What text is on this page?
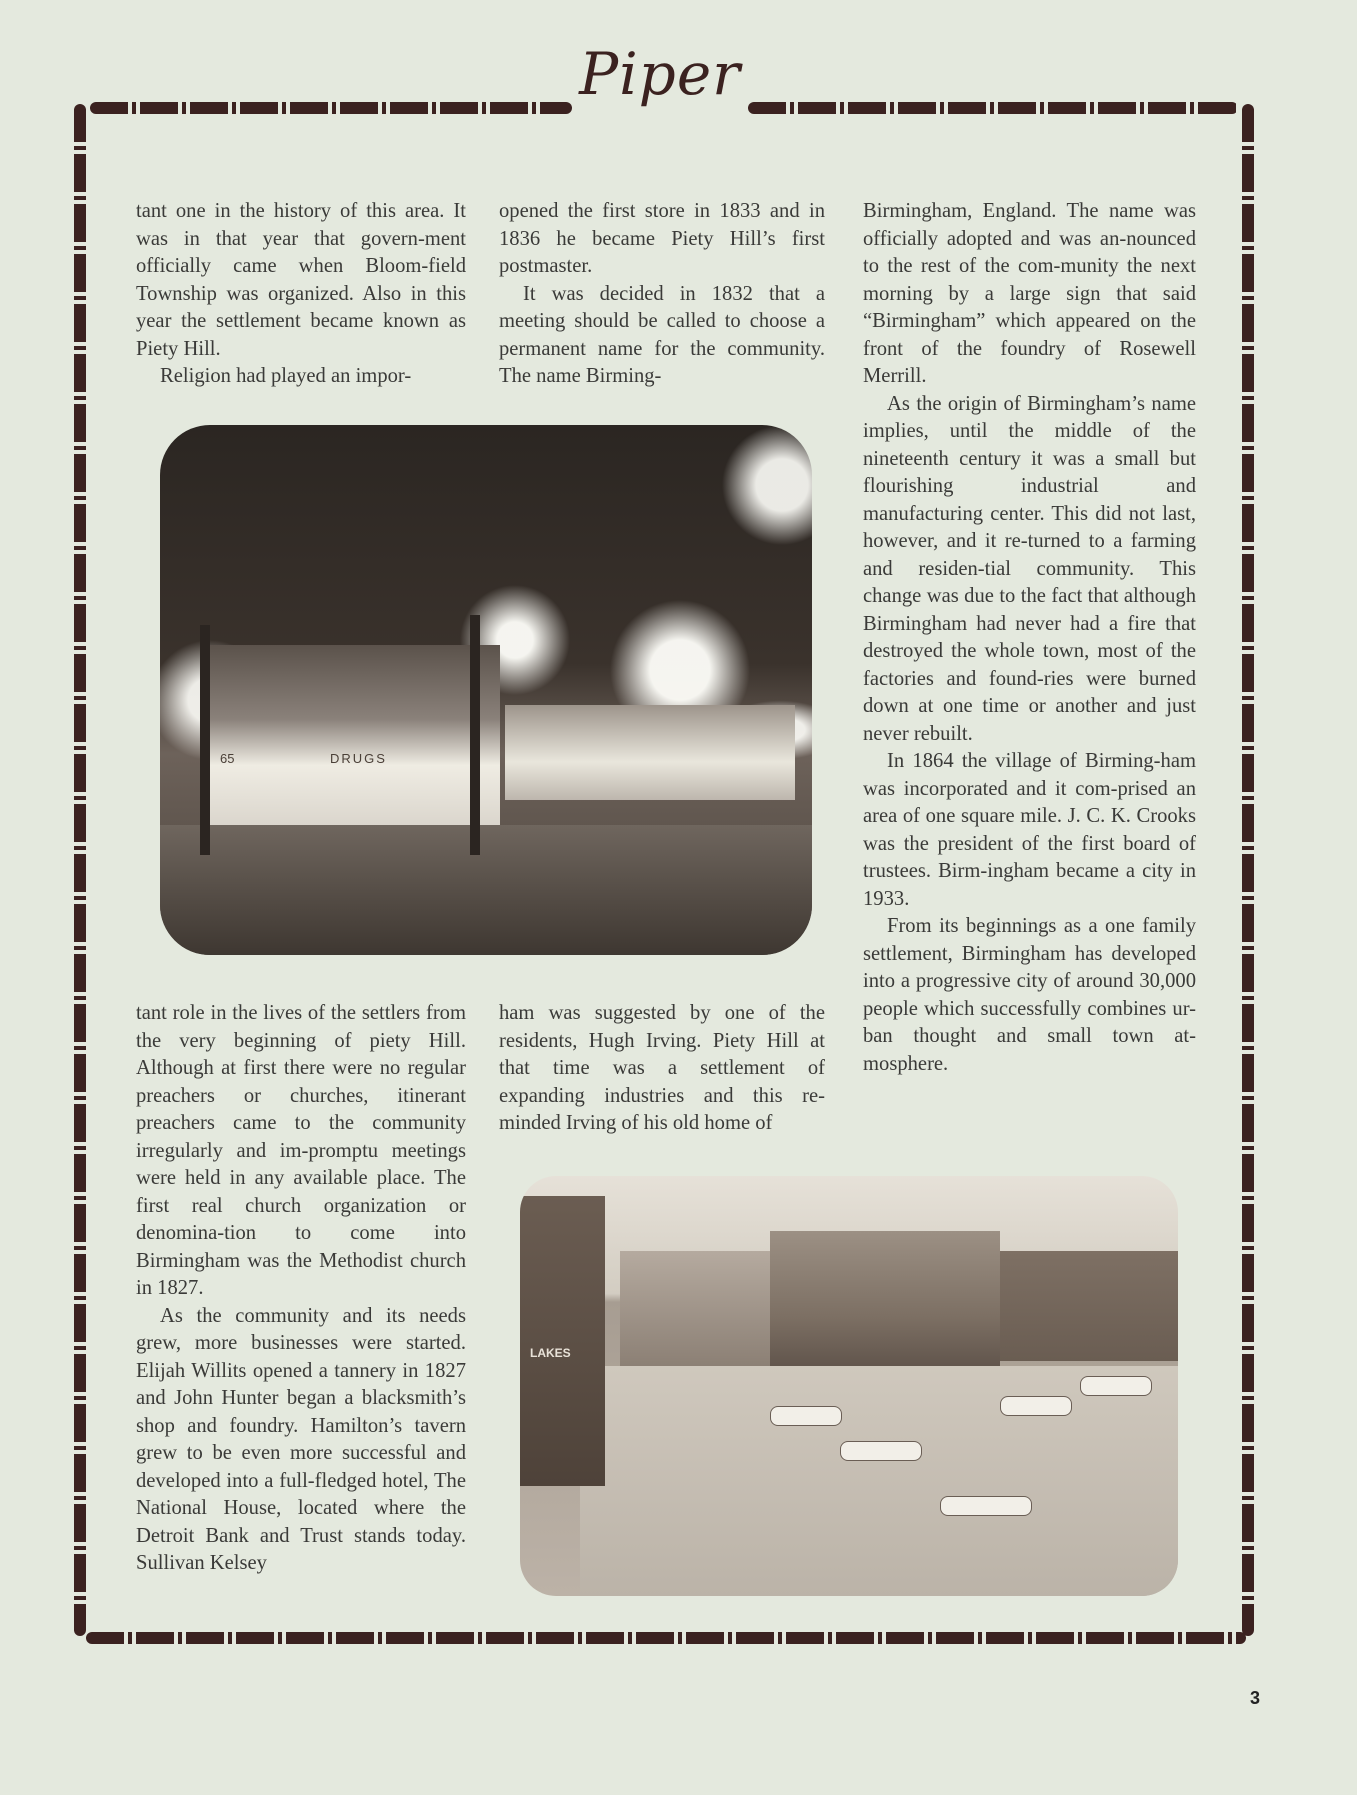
Piper

tant one in the history of this area. It was in that year that govern-ment officially came when Bloom-field Township was organized. Also in this year the settlement became known as Piety Hill.

Religion had played an impor-

opened the first store in 1833 and in 1836 he became Piety Hill’s first postmaster.

It was decided in 1832 that a meeting should be called to choose a permanent name for the community. The name Birming-

Birmingham, England. The name was officially adopted and was an-nounced to the rest of the com-munity the next morning by a large sign that said “Birmingham” which appeared on the front of the foundry of Rosewell Merrill.

As the origin of Birmingham’s name implies, until the middle of the nineteenth century it was a small but flourishing industrial and manufacturing center. This did not last, however, and it re-turned to a farming and residen-tial community. This change was due to the fact that although Birmingham had never had a fire that destroyed the whole town, most of the factories and found-ries were burned down at one time or another and just never rebuilt.

In 1864 the village of Birming-ham was incorporated and it com-prised an area of one square mile. J. C. K. Crooks was the president of the first board of trustees. Birm-ingham became a city in 1933.

From its beginnings as a one family settlement, Birmingham has developed into a progressive city of around 30,000 people which successfully combines ur-ban thought and small town at-mosphere.

65	DRUGS

tant role in the lives of the settlers from the very beginning of piety Hill. Although at first there were no regular preachers or churches, itinerant preachers came to the community irregularly and im-promptu meetings were held in any available place. The first real church organization or denomina-tion to come into Birmingham was the Methodist church in 1827.

As the community and its needs grew, more businesses were started. Elijah Willits opened a tannery in 1827 and John Hunter began a blacksmith’s shop and foundry. Hamilton’s tavern grew to be even more successful and developed into a full-fledged hotel, The National House, located where the Detroit Bank and Trust stands today. Sullivan Kelsey

ham was suggested by one of the residents, Hugh Irving. Piety Hill at that time was a settlement of expanding industries and this re-minded Irving of his old home of

LAKES
3
